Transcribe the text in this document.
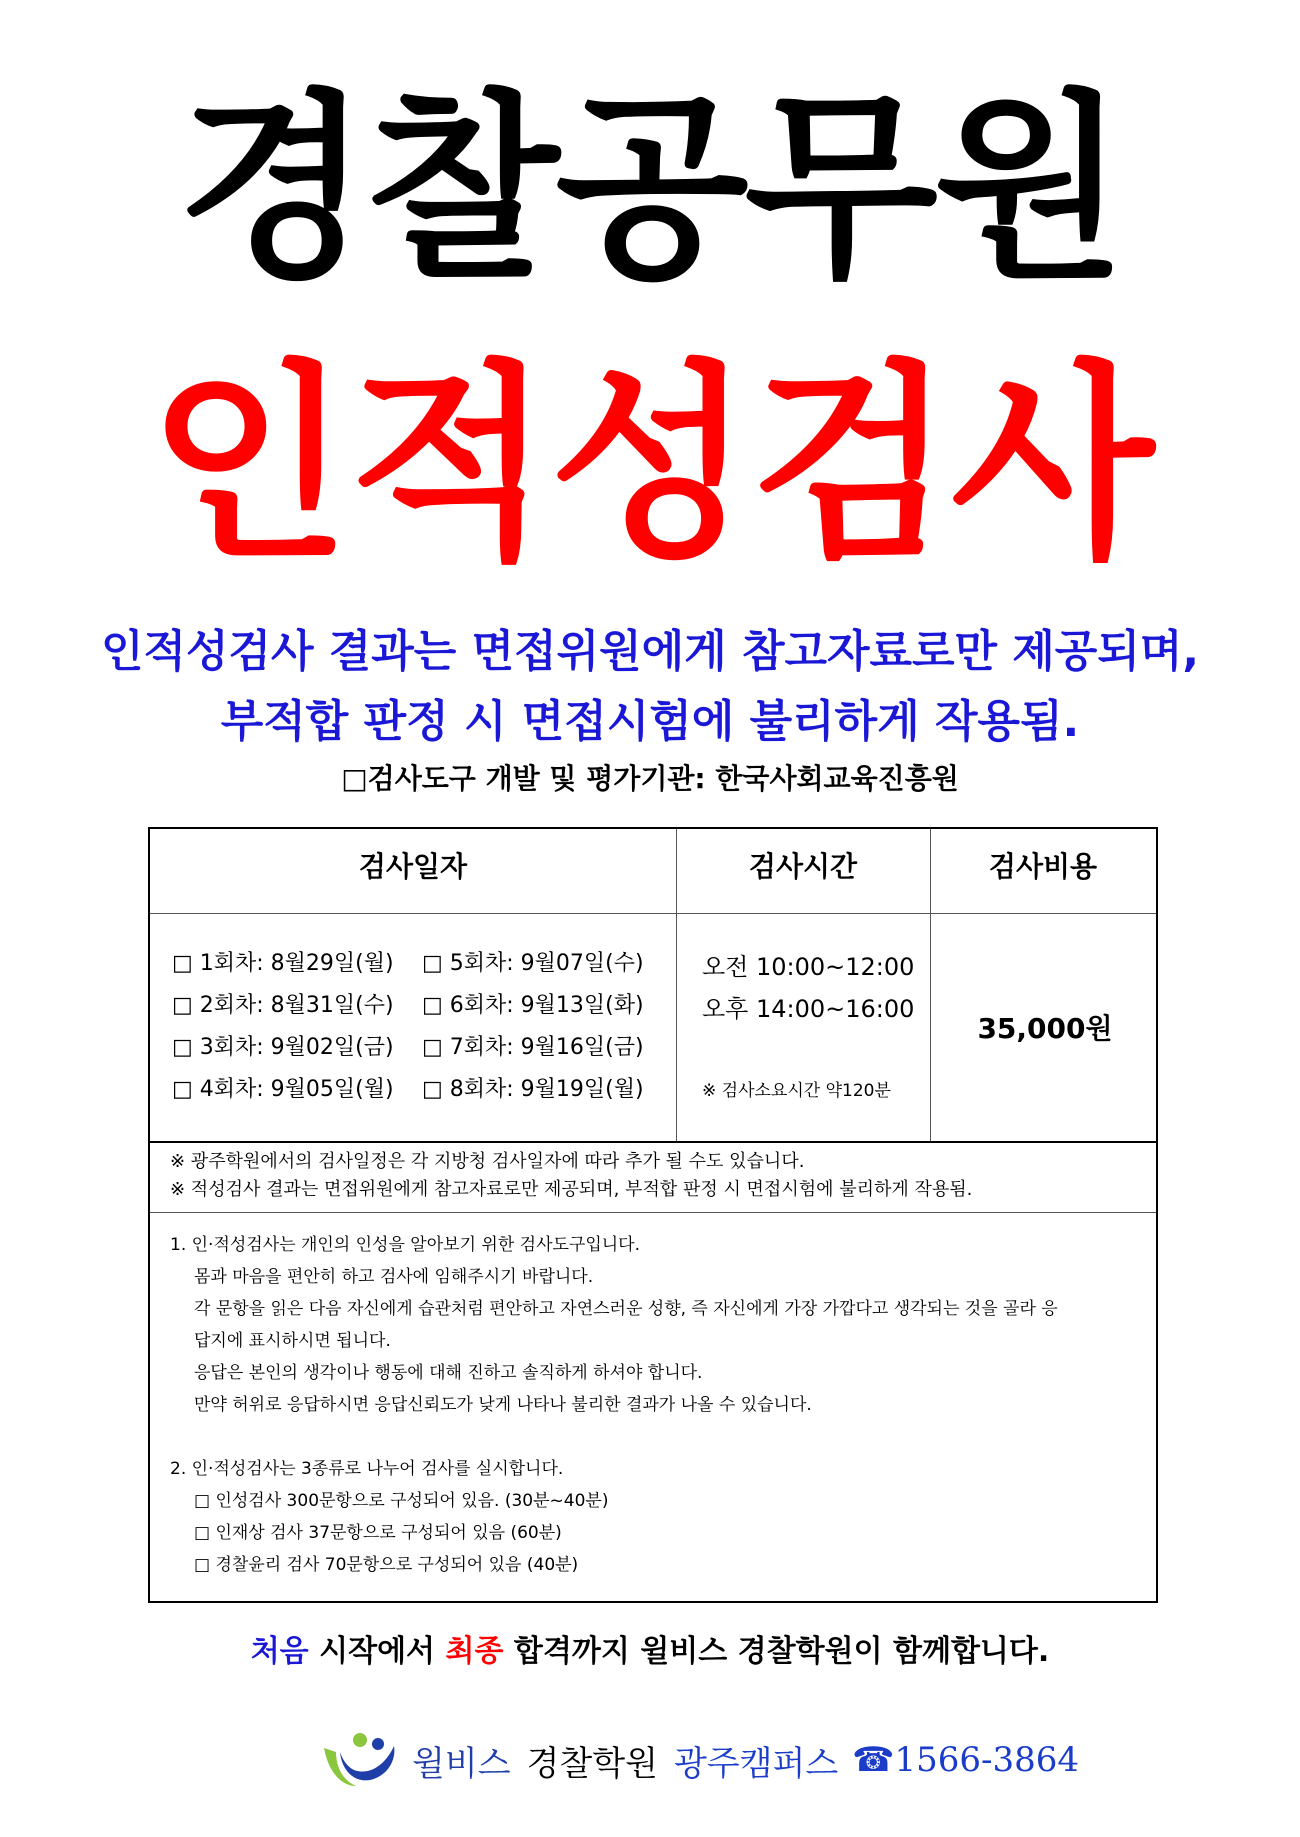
경찰공무원
인적성검사
인적성검사 결과는 면접위원에게 참고자료로만 제공되며,
부적합 판정 시 면접시험에 불리하게 작용됨.
□검사도구 개발 및 평가기관: 한국사회교육진흥원
검사일자	검사시간	검사비용
□ 1회차: 8월29일(월)
□ 2회차: 8월31일(수)
□ 3회차: 9월02일(금)
□ 4회차: 9월05일(월)
□ 5회차: 9월07일(수)
□ 6회차: 9월13일(화)
□ 7회차: 9월16일(금)
□ 8회차: 9월19일(월)
오전 10:00~12:00
오후 14:00~16:00
※ 검사소요시간 약120분
35,000원
※ 광주학원에서의 검사일정은 각 지방청 검사일자에 따라 추가 될 수도 있습니다.
※ 적성검사 결과는 면접위원에게 참고자료로만 제공되며, 부적합 판정 시 면접시험에 불리하게 작용됨.
1. 인·적성검사는 개인의 인성을 알아보기 위한 검사도구입니다.
몸과 마음을 편안히 하고 검사에 임해주시기 바랍니다.
각 문항을 읽은 다음 자신에게 습관처럼 편안하고 자연스러운 성향, 즉 자신에게 가장 가깝다고 생각되는 것을 골라 응
답지에 표시하시면 됩니다.
응답은 본인의 생각이나 행동에 대해 진하고 솔직하게 하셔야 합니다.
만약 허위로 응답하시면 응답신뢰도가 낮게 나타나 불리한 결과가 나올 수 있습니다.
2. 인·적성검사는 3종류로 나누어 검사를 실시합니다.
□ 인성검사 300문항으로 구성되어 있음. (30분~40분)
□ 인재상 검사 37문항으로 구성되어 있음 (60분)
□ 경찰윤리 검사 70문항으로 구성되어 있음 (40분)
처음 시작에서 최종 합격까지 윌비스 경찰학원이 함께합니다.
윌비스 경찰학원 광주캠퍼스 ☎1566-3864
